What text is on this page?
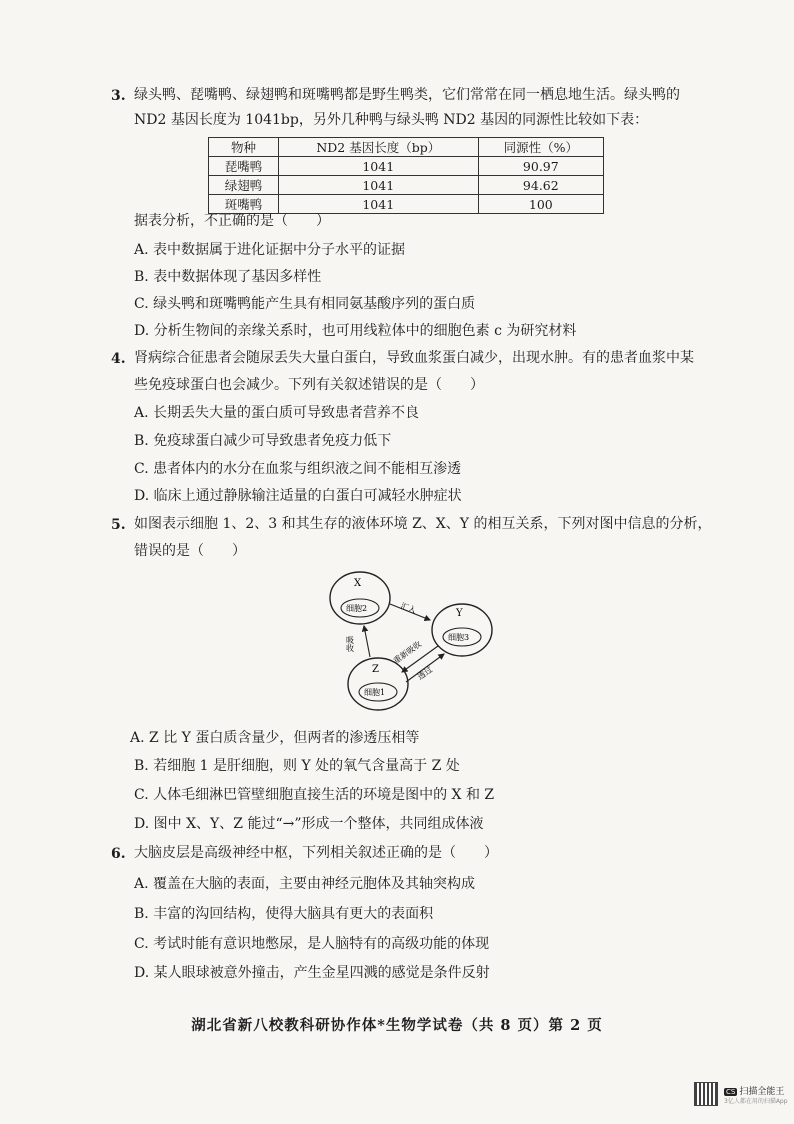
3. 绿头鸭、琵嘴鸭、绿翅鸭和斑嘴鸭都是野生鸭类，它们常常在同一栖息地生活。绿头鸭的
ND2 基因长度为 1041bp，另外几种鸭与绿头鸭 ND2 基因的同源性比较如下表：
物种	ND2 基因长度（bp）	同源性（%）
琵嘴鸭	1041	90.97
绿翅鸭	1041	94.62
斑嘴鸭	1041	100
据表分析，不正确的是（　　）
A. 表中数据属于进化证据中分子水平的证据
B. 表中数据体现了基因多样性
C. 绿头鸭和斑嘴鸭能产生具有相同氨基酸序列的蛋白质
D. 分析生物间的亲缘关系时，也可用线粒体中的细胞色素 c 为研究材料
4. 肾病综合征患者会随尿丢失大量白蛋白，导致血浆蛋白减少，出现水肿。有的患者血浆中某
些免疫球蛋白也会减少。下列有关叙述错误的是（　　）
A. 长期丢失大量的蛋白质可导致患者营养不良
B. 免疫球蛋白减少可导致患者免疫力低下
C. 患者体内的水分在血浆与组织液之间不能相互渗透
D. 临床上通过静脉输注适量的白蛋白可减轻水肿症状
5. 如图表示细胞 1、2、3 和其生存的液体环境 Z、X、Y 的相互关系，下列对图中信息的分析，
错误的是（　　）
X
细胞2	Y
细胞3
Z
细胞1
汇入
吸收	重新吸收
透过
A. Z 比 Y 蛋白质含量少，但两者的渗透压相等
B. 若细胞 1 是肝细胞，则 Y 处的氧气含量高于 Z 处
C. 人体毛细淋巴管壁细胞直接生活的环境是图中的 X 和 Z
D. 图中 X、Y、Z 能过“→”形成一个整体，共同组成体液
6. 大脑皮层是高级神经中枢，下列相关叙述正确的是（　　）
A. 覆盖在大脑的表面，主要由神经元胞体及其轴突构成
B. 丰富的沟回结构，使得大脑具有更大的表面积
C. 考试时能有意识地憋尿，是人脑特有的高级功能的体现
D. 某人眼球被意外撞击，产生金星四溅的感觉是条件反射
湖北省新八校教科研协作体*生物学试卷（共 8 页）第 2 页
CS 扫描全能王
3亿人都在用的扫描App
